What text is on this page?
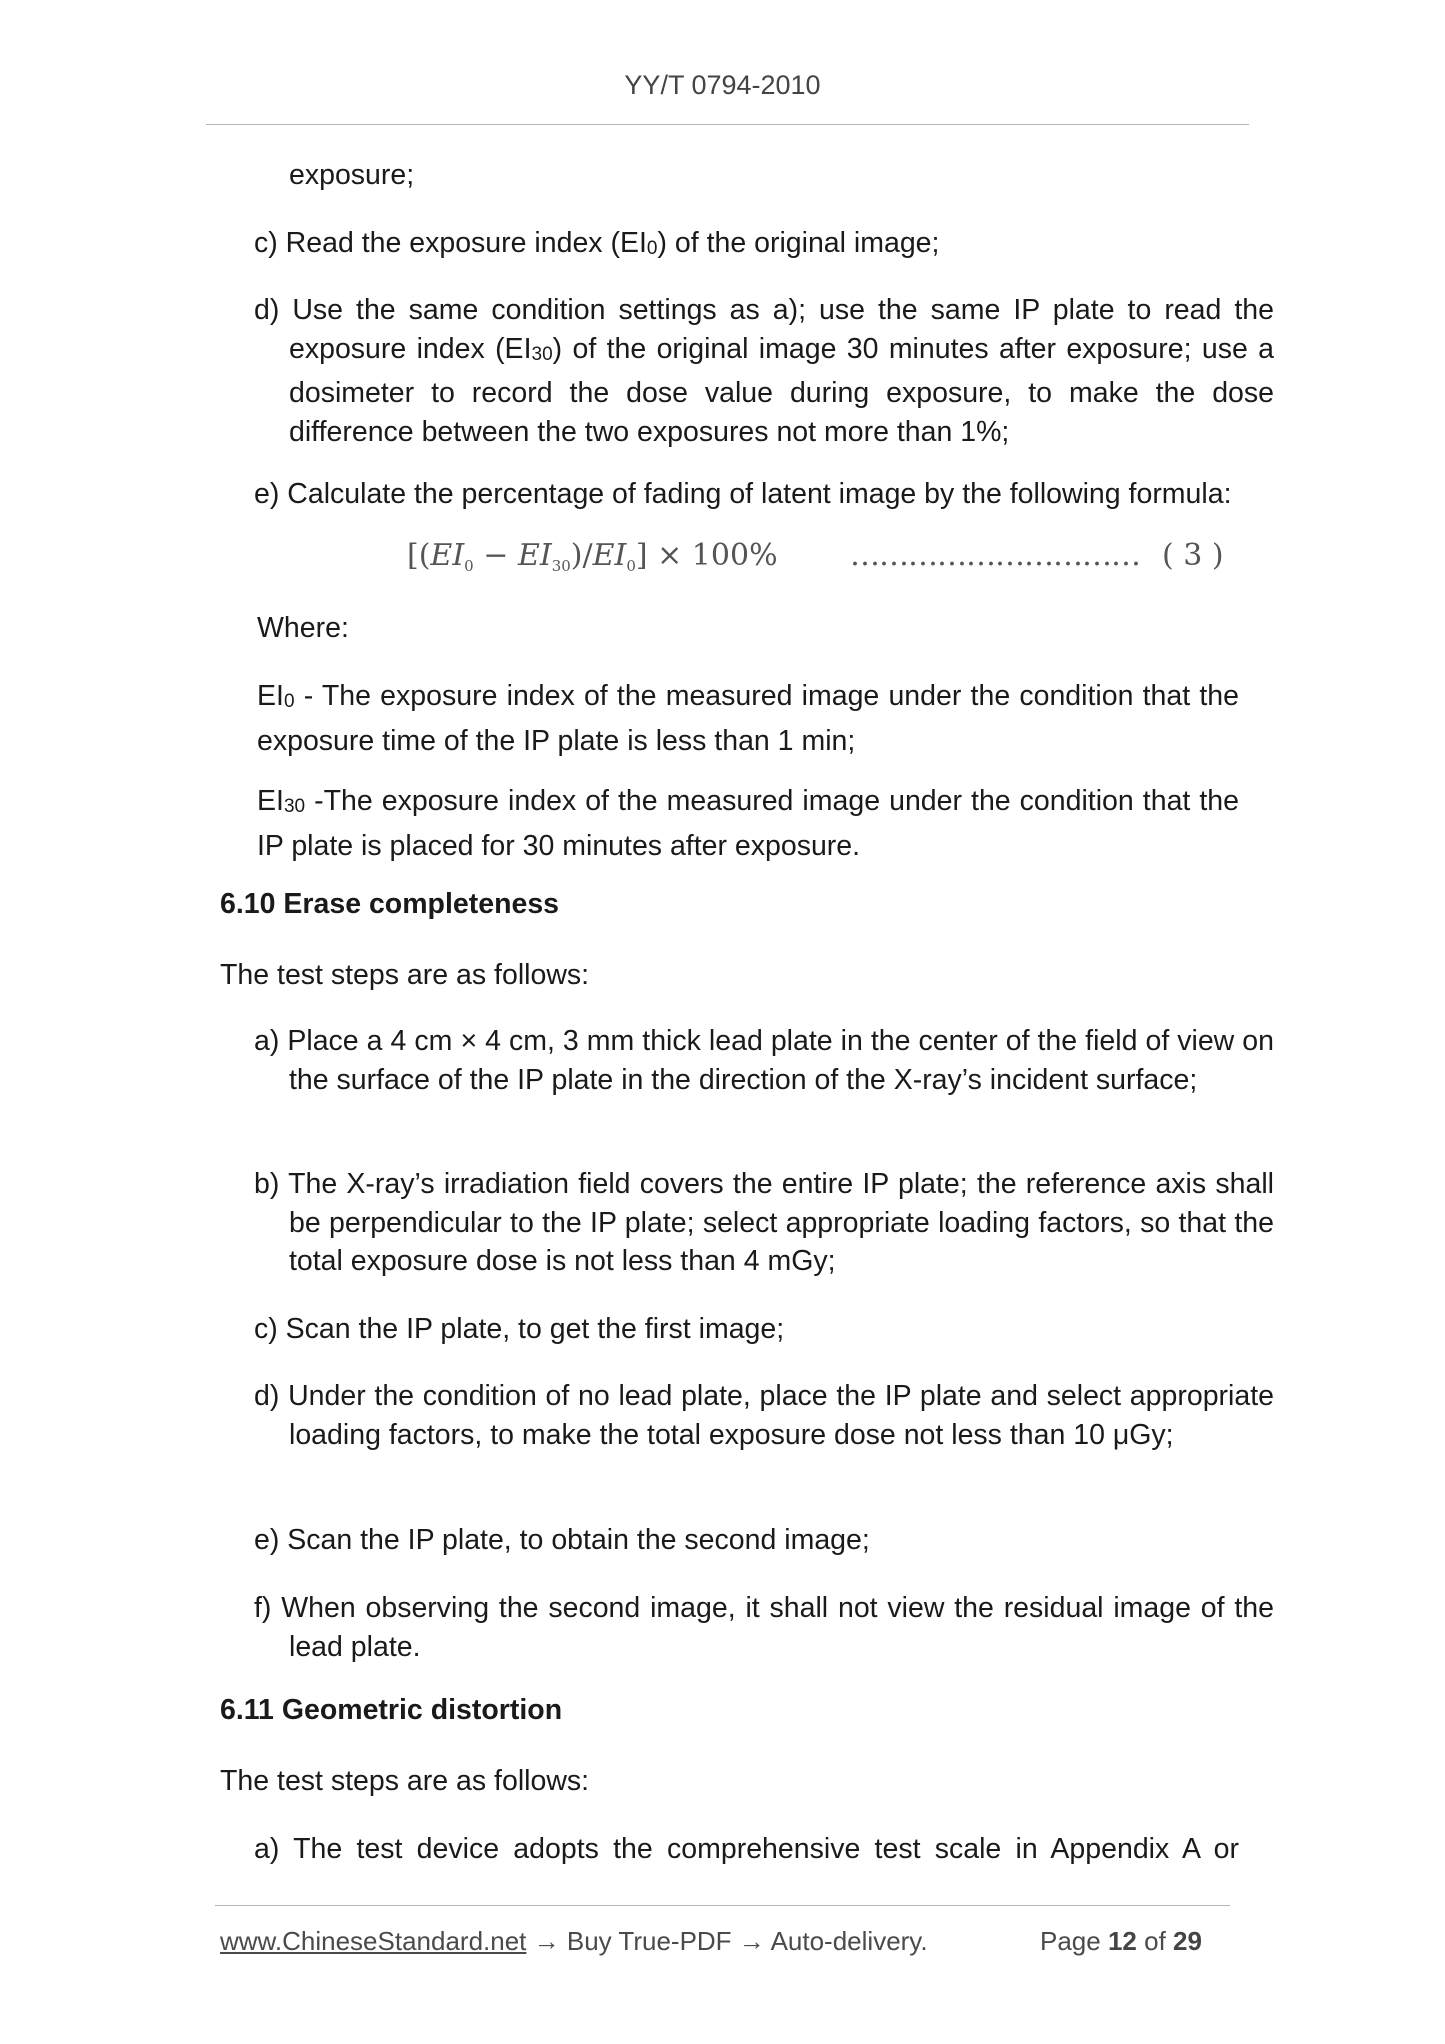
YY/T 0794-2010
exposure;
c) Read the exposure index (EI0) of the original image;
d) Use the same condition settings as a); use the same IP plate to read the exposure index (EI30) of the original image 30 minutes after exposure; use a dosimeter to record the dose value during exposure, to make the dose difference between the two exposures not more than 1%;
e) Calculate the percentage of fading of latent image by the following formula:
$[(EI_0 - EI_{30})/EI_0] \times 100\%$ ………………………… ( 3 )
Where:
EI0 - The exposure index of the measured image under the condition that the exposure time of the IP plate is less than 1 min;
EI30 -The exposure index of the measured image under the condition that the IP plate is placed for 30 minutes after exposure.
6.10 Erase completeness
The test steps are as follows:
a) Place a 4 cm × 4 cm, 3 mm thick lead plate in the center of the field of view on the surface of the IP plate in the direction of the X-ray’s incident surface;
b) The X-ray’s irradiation field covers the entire IP plate; the reference axis shall be perpendicular to the IP plate; select appropriate loading factors, so that the total exposure dose is not less than 4 mGy;
c) Scan the IP plate, to get the first image;
d) Under the condition of no lead plate, place the IP plate and select appropriate loading factors, to make the total exposure dose not less than 10 μGy;
e) Scan the IP plate, to obtain the second image;
f) When observing the second image, it shall not view the residual image of the lead plate.
6.11 Geometric distortion
The test steps are as follows:
a) The test device adopts the comprehensive test scale in Appendix A or
www.ChineseStandard.net → Buy True-PDF → Auto-delivery.	Page 12 of 29
